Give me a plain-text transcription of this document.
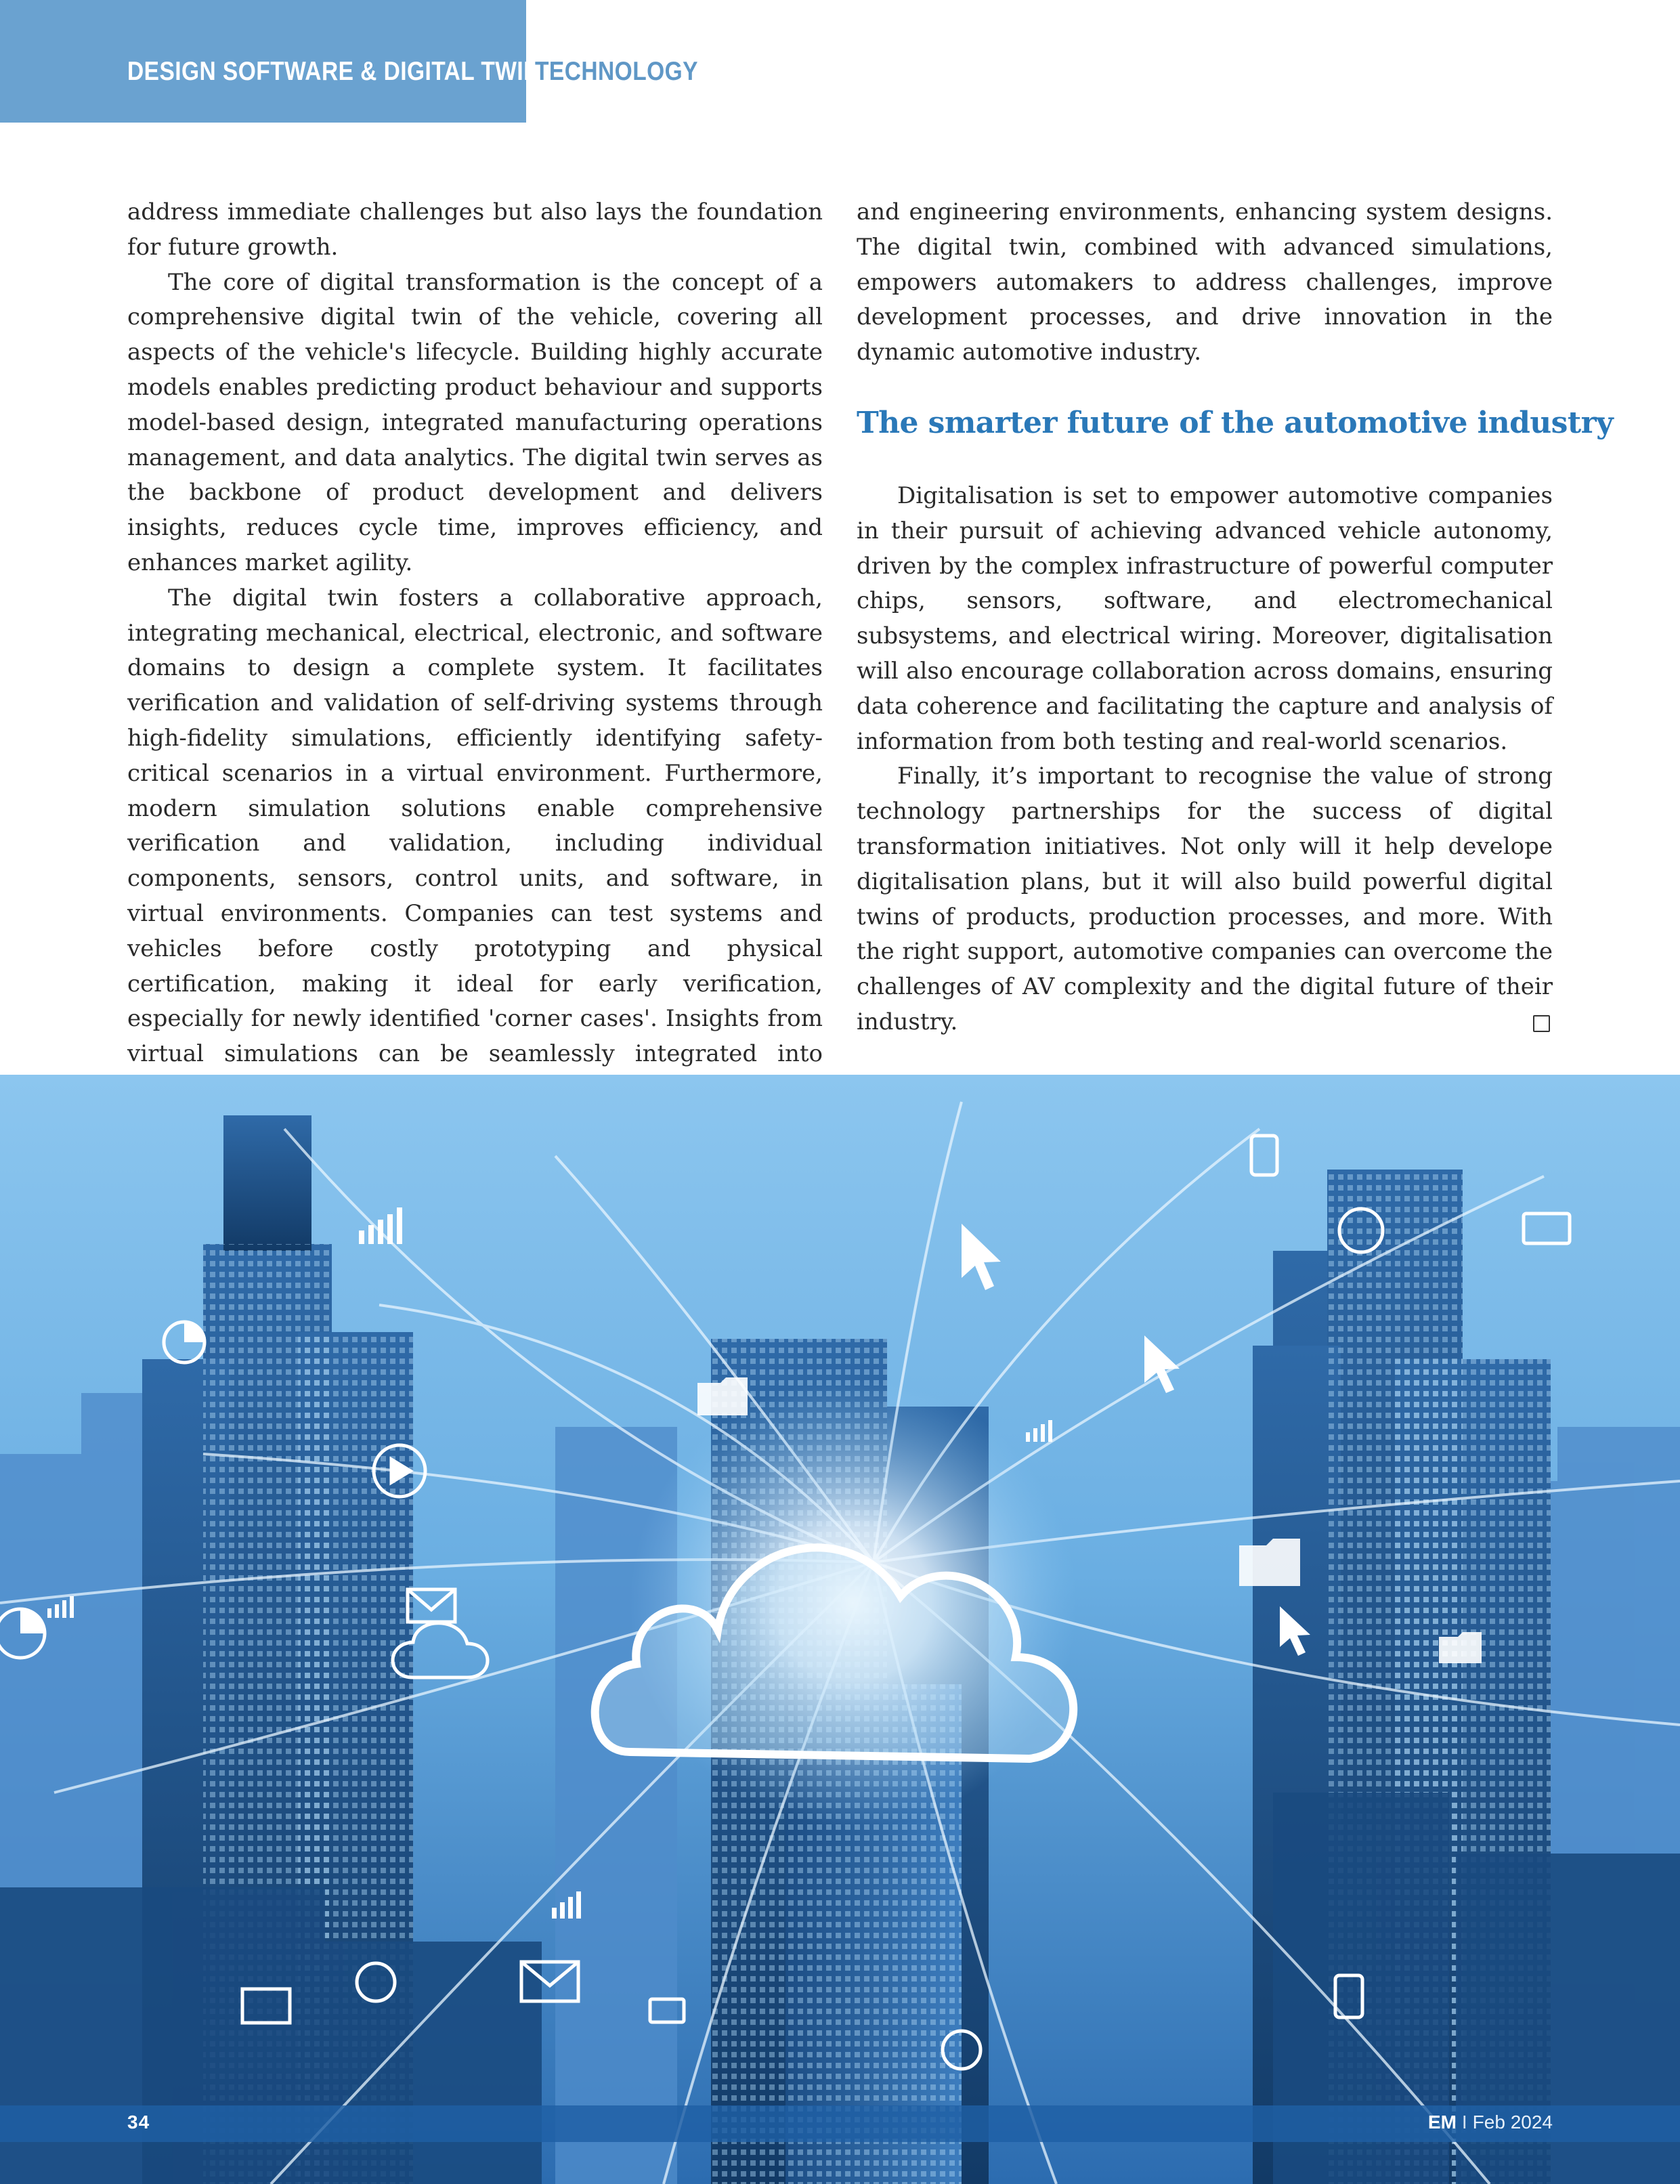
DESIGN SOFTWARE & DIGITAL TWIN
TECHNOLOGY

address immediate challenges but also lays the foundation for future growth.

The core of digital transformation is the concept of a comprehensive digital twin of the vehicle, covering all aspects of the vehicle's lifecycle. Building highly accurate models enables predicting product behaviour and supports model-based design, integrated manufacturing operations management, and data analytics. The digital twin serves as the backbone of product development and delivers insights, reduces cycle time, improves efficiency, and enhances market agility.

The digital twin fosters a collaborative approach, integrating mechanical, electrical, electronic, and software domains to design a complete system. It facilitates verification and validation of self-driving systems through high-fidelity simulations, efficiently identifying safety-critical scenarios in a virtual environment. Furthermore, modern simulation solutions enable comprehensive verification and validation, including individual components, sensors, control units, and software, in virtual environments. Companies can test systems and vehicles before costly prototyping and physical certification, making it ideal for early verification, especially for newly identified 'corner cases'. Insights from virtual simulations can be seamlessly integrated into

and engineering environments, enhancing system designs. The digital twin, combined with advanced simulations, empowers automakers to address challenges, improve development processes, and drive innovation in the dynamic automotive industry.

The smarter future of the automotive industry

Digitalisation is set to empower automotive companies in their pursuit of achieving advanced vehicle autonomy, driven by the complex infrastructure of powerful computer chips, sensors, software, and electromechanical subsystems, and electrical wiring. Moreover, digitalisation will also encourage collaboration across domains, ensuring data coherence and facilitating the capture and analysis of information from both testing and real-world scenarios.

Finally, it’s important to recognise the value of strong technology partnerships for the success of digital transformation initiatives. Not only will it help develope digitalisation plans, but it will also build powerful digital twins of products, production processes, and more. With the right support, automotive companies can overcome the challenges of AV complexity and the digital future of their industry.

34	EM I Feb 2024
